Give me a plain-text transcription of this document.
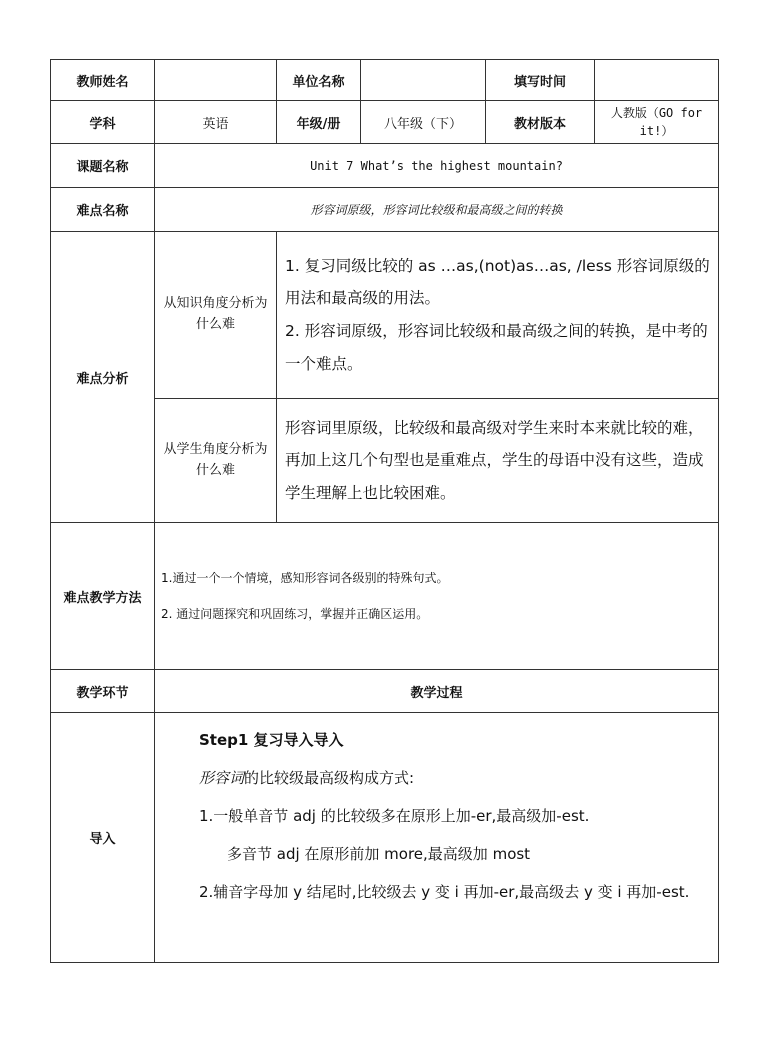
教师姓名		单位名称		填写时间	
学科	英语	年级/册	八年级（下）	教材版本	人教版（GO for it!）
课题名称	Unit 7 What’s the highest mountain?				
难点名称	形容词原级，形容词比较级和最高级之间的转换				
难点分析	从知识角度分析为什么难	1. 复习同级比较的 as …as,(not)as…as, /less 形容词原级的用法和最高级的用法。
2. 形容词原级，形容词比较级和最高级之间的转换，是中考的一个难点。			

	从学生角度分析为什么难	形容词里原级，比较级和最高级对学生来时本来就比较的难，再加上这几个句型也是重难点，学生的母语中没有这些，造成学生理解上也比较困难。			
难点教学方法	1.通过一个一个情境，感知形容词各级别的特殊句式。

2. 通过问题探究和巩固练习，掌握并正确区运用。				

教学环节	教学过程				
导入	Step1 复习导入导入

形容词的比较级最高级构成方式:

1.一般单音节 adj 的比较级多在原形上加-er,最高级加-est.

多音节 adj 在原形前加 more,最高级加 most

2.辅音字母加 y 结尾时,比较级去 y 变 i 再加-er,最高级去 y 变 i 再加-est.				
